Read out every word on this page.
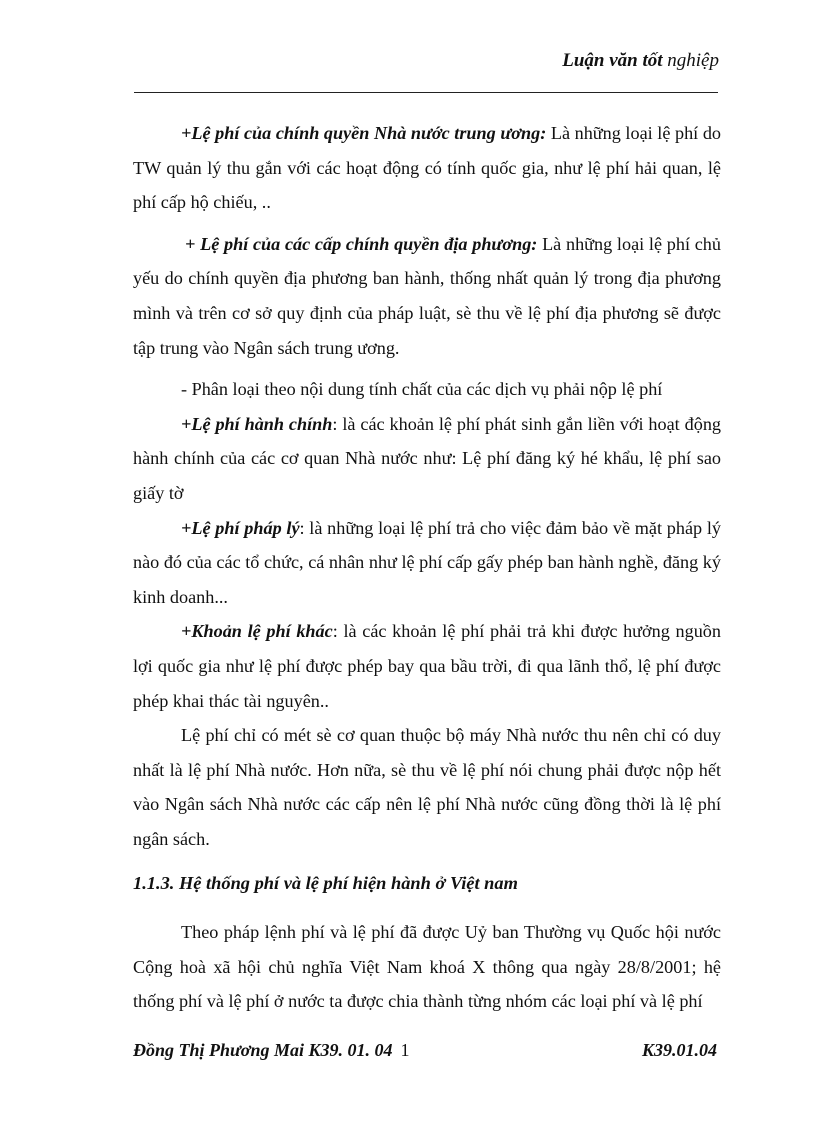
Luận văn tốt nghiệp

+Lệ phí của chính quyền Nhà nước trung ương: Là những loại lệ phí do TW quản lý thu gắn với các hoạt động có tính quốc gia, như lệ phí hải quan, lệ phí cấp hộ chiếu, ..

+ Lệ phí của các cấp chính quyền địa phương: Là những loại lệ phí chủ yếu do chính quyền địa phương ban hành, thống nhất quản lý trong địa phương mình và trên cơ sở quy định của pháp luật, sè thu về lệ phí địa phương sẽ được tập trung vào Ngân sách trung ương.

- Phân loại theo nội dung tính chất của các dịch vụ phải nộp lệ phí

+Lệ phí hành chính: là các khoản lệ phí phát sinh gắn liền với hoạt động hành chính của các cơ quan Nhà nước như: Lệ phí đăng ký hé khẩu, lệ phí sao giấy tờ

+Lệ phí pháp lý: là những loại lệ phí trả cho việc đảm bảo về mặt pháp lý nào đó của các tổ chức, cá nhân như lệ phí cấp gấy phép ban hành nghề, đăng ký kinh doanh...

+Khoản lệ phí khác: là các khoản lệ phí phải trả khi được hưởng nguồn lợi quốc gia như lệ phí được phép bay qua bầu trời, đi qua lãnh thổ, lệ phí được phép khai thác tài nguyên..

Lệ phí chỉ có mét sè cơ quan thuộc bộ máy Nhà nước thu nên chỉ có duy nhất là lệ phí Nhà nước. Hơn nữa, sè thu về lệ phí nói chung phải được nộp hết vào Ngân sách Nhà nước các cấp nên lệ phí Nhà nước cũng đồng thời là lệ phí ngân sách.

1.1.3. Hệ thống phí và lệ phí hiện hành ở Việt nam

Theo pháp lệnh phí và lệ phí đã được Uỷ ban Thường vụ Quốc hội nước Cộng hoà xã hội chủ nghĩa Việt Nam khoá X thông qua ngày 28/8/2001; hệ thống phí và lệ phí ở nước ta được chia thành từng nhóm các loại phí và lệ phí

Đồng Thị Phương Mai K39. 01. 04 1	K39.01.04
